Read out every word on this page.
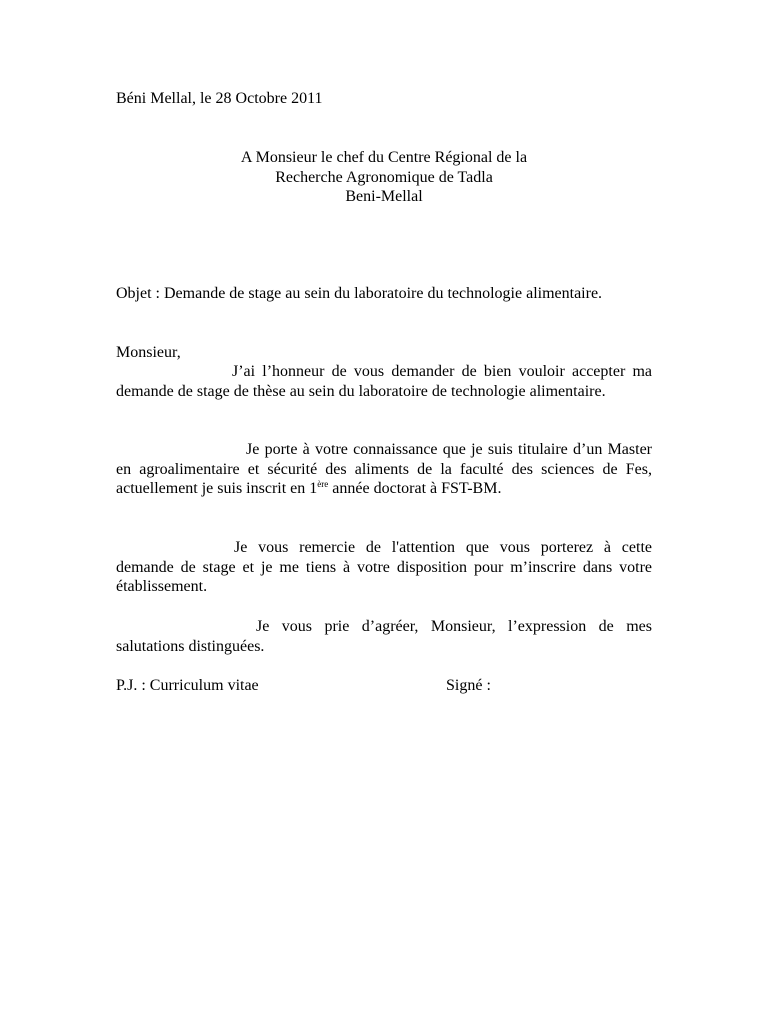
Béni Mellal, le 28 Octobre 2011
A Monsieur le chef du Centre Régional de la
Recherche Agronomique de Tadla
Beni-Mellal
Objet : Demande de stage au sein du laboratoire du technologie alimentaire.
Monsieur,
J’ai l’honneur de vous demander de bien vouloir accepter ma demande de stage de thèse au sein du laboratoire de technologie alimentaire.
Je porte à votre connaissance que je suis titulaire d’un Master en agroalimentaire et sécurité des aliments de la faculté des sciences de Fes, actuellement je suis inscrit en 1ère année doctorat à FST-BM.
Je vous remercie de l'attention que vous porterez à cette demande de stage et je me tiens à votre disposition pour m’inscrire dans votre établissement.
Je vous prie d’agréer, Monsieur, l’expression de mes salutations distinguées.
P.J. : Curriculum vitae	Signé :
